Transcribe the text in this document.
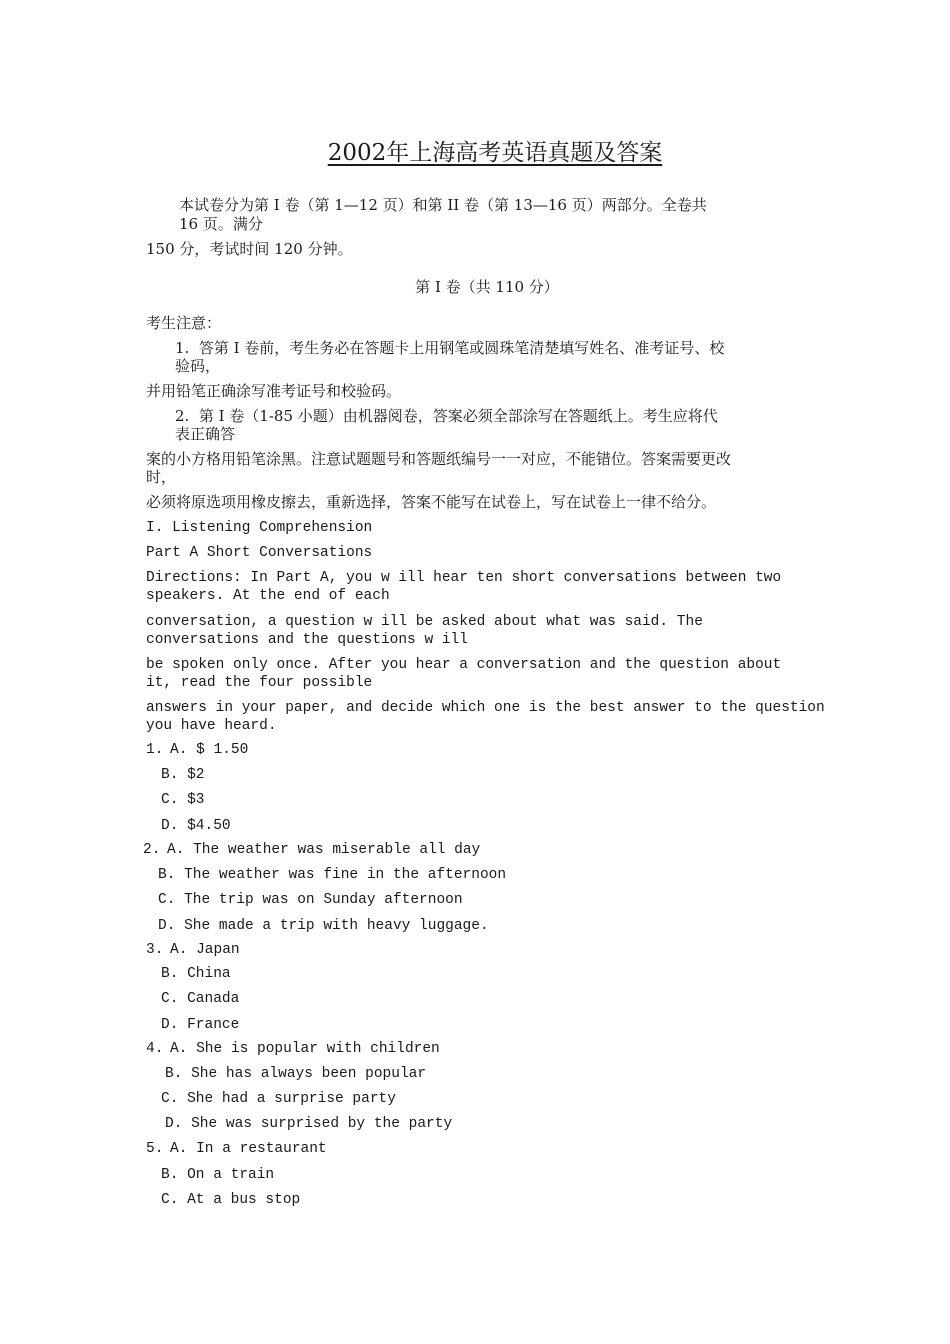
2002年上海高考英语真题及答案
本试卷分为第 I 卷（第 1—12 页）和第 II 卷（第 13—16 页）两部分。全卷共
16 页。满分
150 分，考试时间 120 分钟。
第 I 卷（共 110 分）
考生注意：
1.  答第 I 卷前，考生务必在答题卡上用钢笔或圆珠笔清楚填写姓名、准考证号、校
验码，
并用铅笔正确涂写准考证号和校验码。
2.  第 I 卷（1-85 小题）由机器阅卷，答案必须全部涂写在答题纸上。考生应将代
表正确答
案的小方格用铅笔涂黑。注意试题题号和答题纸编号一一对应，不能错位。答案需要更改
时，
必须将原选项用橡皮擦去，重新选择，答案不能写在试卷上，写在试卷上一律不给分。
I. Listening Comprehension
Part A Short Conversations
Directions: In Part A, you w ill hear ten short conversations between two
speakers. At the end of each
conversation, a question w ill be asked about what was said. The
conversations and the questions w ill
be spoken only once. After you hear a conversation and the question about
it, read the four possible
answers in your paper, and decide which one is the best answer to the question
you have heard.
1. A. $ 1.50
B. $2
C. $3
D. $4.50
2. A. The weather was miserable all day
B. The weather was fine in the afternoon
C. The trip was on Sunday afternoon
D. She made a trip with heavy luggage.
3. A. Japan
B. China
C. Canada
D. France
4. A. She is popular with children
B. She has always been popular
C. She had a surprise party
D. She was surprised by the party
5. A. In a restaurant
B. On a train
C. At a bus stop
